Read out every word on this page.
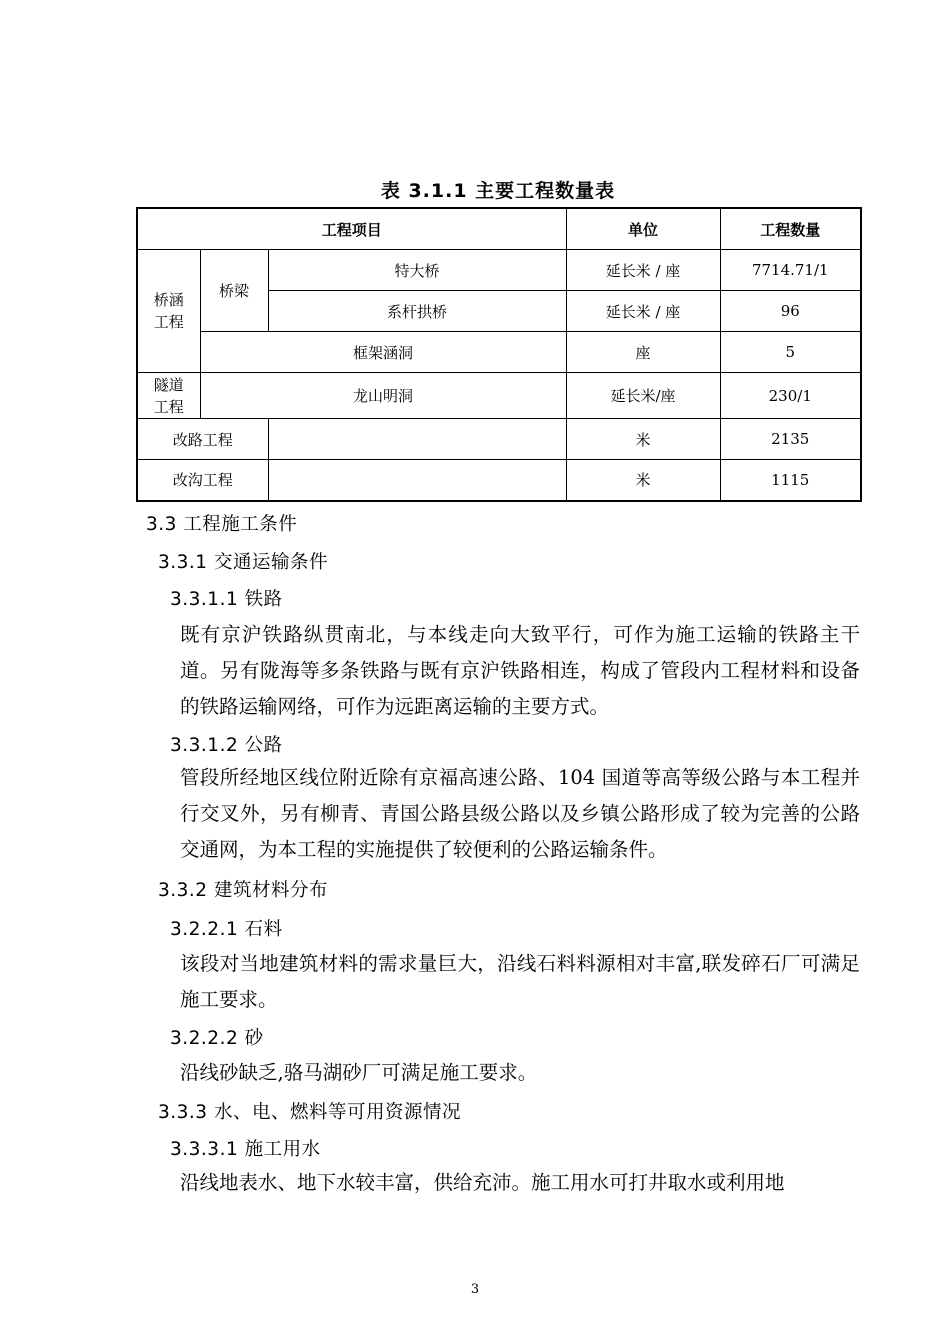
表 3.1.1 主要工程数量表
工程项目			单位	工程数量
桥涵工程	桥梁	特大桥	延长米 / 座	7714.71/1
		系杆拱桥	延长米 / 座	96
	框架涵洞		座	5
隧道工程	龙山明洞		延长米/座	230/1
改路工程			米	2135
改沟工程			米	1115
3.3 工程施工条件
3.3.1 交通运输条件
3.3.1.1 铁路
既有京沪铁路纵贯南北，与本线走向大致平行，可作为施工运输的铁路主干道。另有陇海等多条铁路与既有京沪铁路相连，构成了管段内工程材料和设备的铁路运输网络，可作为远距离运输的主要方式。
3.3.1.2 公路
管段所经地区线位附近除有京福高速公路、104 国道等高等级公路与本工程并行交叉外，另有柳青、青国公路县级公路以及乡镇公路形成了较为完善的公路交通网，为本工程的实施提供了较便利的公路运输条件。
3.3.2 建筑材料分布
3.2.2.1 石料
该段对当地建筑材料的需求量巨大，沿线石料料源相对丰富,联发碎石厂可满足施工要求。
3.2.2.2 砂
沿线砂缺乏,骆马湖砂厂可满足施工要求。
3.3.3 水、电、燃料等可用资源情况
3.3.3.1 施工用水
沿线地表水、地下水较丰富，供给充沛。施工用水可打井取水或利用地
3
